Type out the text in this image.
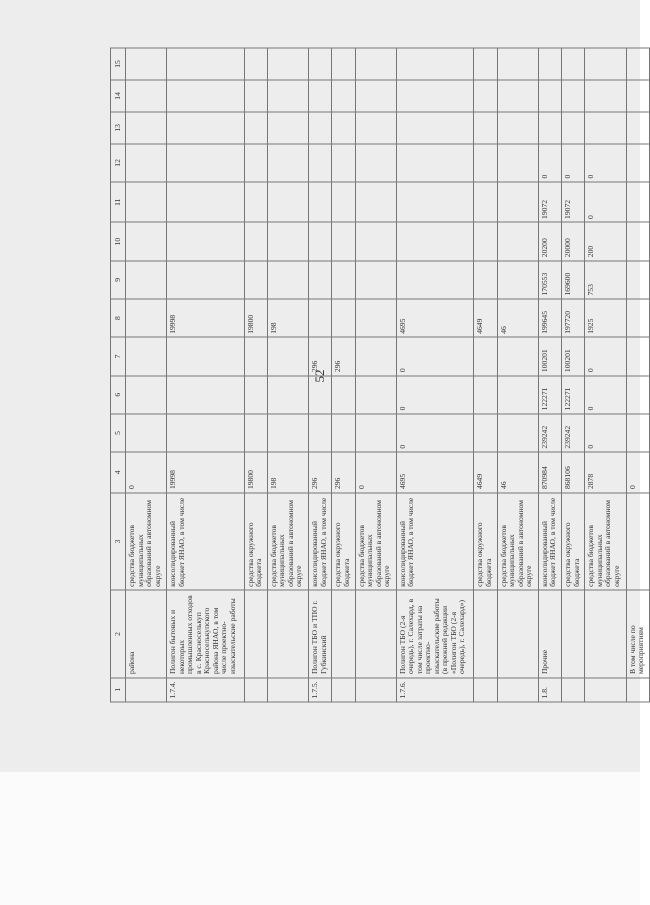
52
1	2	3	4	5	6	7	8	9	10	11	12	13	14	15
	района	средства бюджетов муниципальных образований в автономном округе	0											
1.7.4.	Полигон бытовых и некоторых промышленных отходов в с. Красноселькуп Красноселькупского района ЯНАО, в том числе проектно-изыскательские работы	консолидированный бюджет ЯНАО, в том числе	19998				19998							
		средства окружного бюджета	19800				19800							
		средства бюджетов муниципальных образований в автономном округе	198				198							
1.7.5.	Полигон ТБО и ТПО г. Губкинский	консолидированный бюджет ЯНАО, в том числе	296			296								
		средства окружного бюджета	296			296								
		средства бюджетов муниципальных образований в автономном округе	0											
1.7.6.	Полигон ТБО (2-я очередь), г. Салехард, в том числе затраты на проектно-изыскательские работы (в прежней редакции «Полигон ТБО (2-я очередь), г. Салехард»)	консолидированный бюджет ЯНАО, в том числе	4695	0	0	0	4695							
		средства окружного бюджета	4649				4649							
		средства бюджетов муниципальных образований в автономном округе	46				46							
1.8.	Прочие	консолидированный бюджет ЯНАО, в том числе	870984	239242	122271	100201	199645	170553	20200	19072	0			
		средства окружного бюджета	868106	239242	122271	100201	197720	169600	20000	19072	0			
		средства бюджетов муниципальных образований в автономном округе	2878	0	0	0	1925	753	200	0	0			
	В том числе по мероприятиям		0											
